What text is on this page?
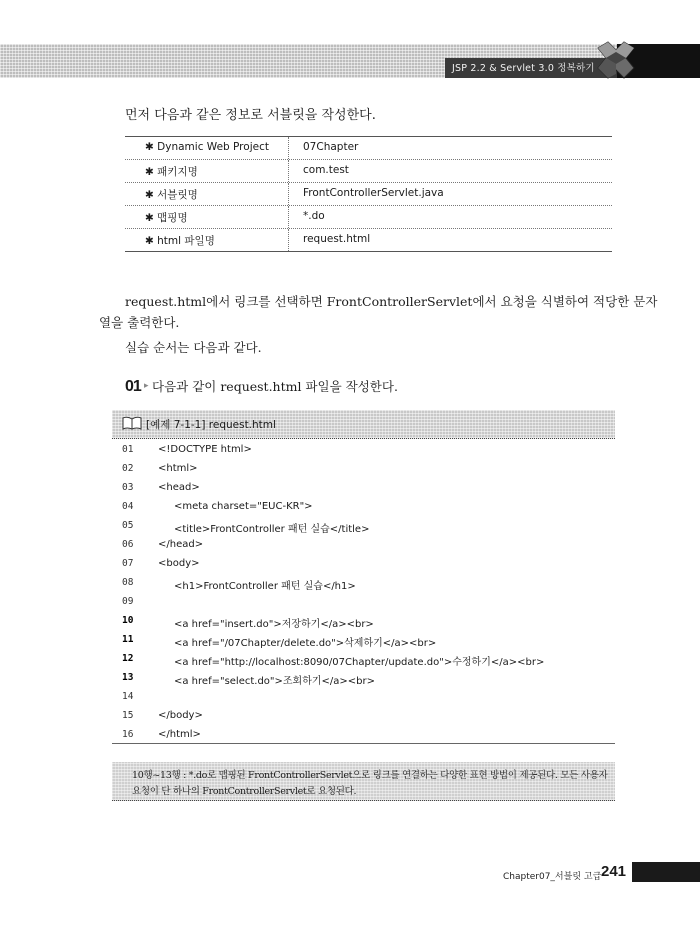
JSP 2.2 & Servlet 3.0 정복하기
먼저 다음과 같은 정보로 서블릿을 작성한다.
✱ Dynamic Web Project	07Chapter
✱ 패키지명	com.test
✱ 서블릿명	FrontControllerServlet.java
✱ 맵핑명	*.do
✱ html 파일명	request.html
request.html에서 링크를 선택하면 FrontControllerServlet에서 요청을 식별하여 적당한 문자
열을 출력한다.
실습 순서는 다음과 같다.
01 ▸ 다음과 같이 request.html 파일을 작성한다.
[예제 7-1-1] request.html
01 <!DOCTYPE html>
02 <html>
03 <head>
04	<meta charset="EUC-KR">
05	<title>FrontController 패턴 실습</title>
06 </head>
07 <body>
08	<h1>FrontController 패턴 실습</h1>
09
10	<a href="insert.do">저장하기</a><br>
11	<a href="/07Chapter/delete.do">삭제하기</a><br>
12	<a href="http://localhost:8090/07Chapter/update.do">수정하기</a><br>
13	<a href="select.do">조회하기</a><br>
14
15 </body>
16 </html>
10행~13행 : *.do로 맵핑된 FrontControllerServlet으로 링크를 연결하는 다양한 표현 방법이 제공된다. 모든 사용자
요청이 단 하나의 FrontControllerServlet로 요청된다.
Chapter07_서블릿 고급 241
